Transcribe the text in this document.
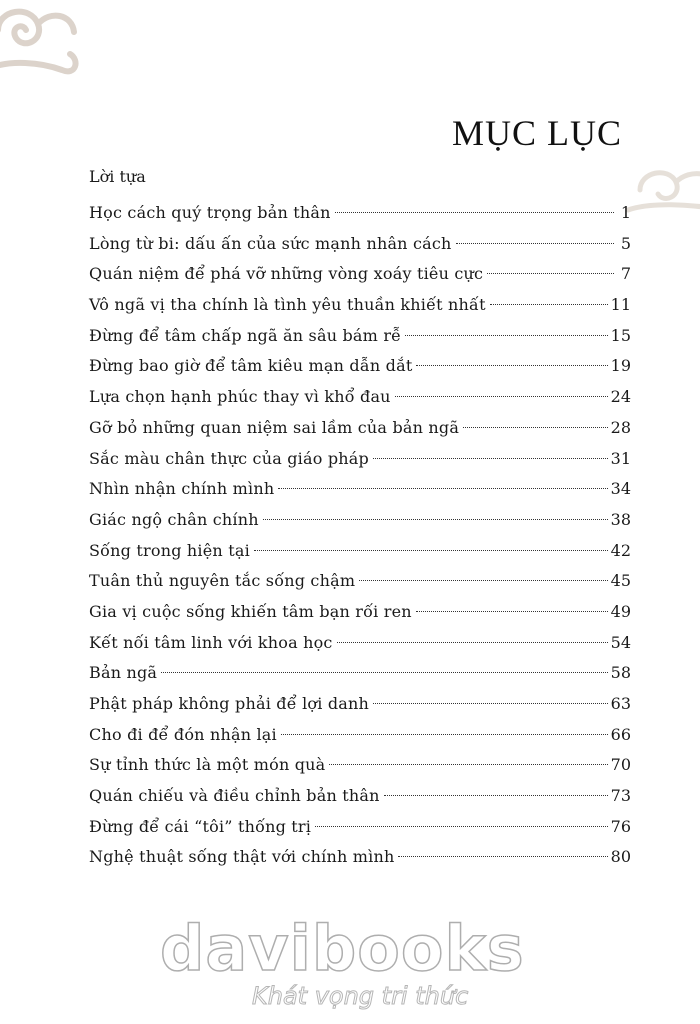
MỤC LỤC
Lời tựa
Học cách quý trọng bản thân	1
Lòng từ bi: dấu ấn của sức mạnh nhân cách	5
Quán niệm để phá vỡ những vòng xoáy tiêu cực	7
Vô ngã vị tha chính là tình yêu thuần khiết nhất	11
Đừng để tâm chấp ngã ăn sâu bám rễ	15
Đừng bao giờ để tâm kiêu mạn dẫn dắt	19
Lựa chọn hạnh phúc thay vì khổ đau	24
Gỡ bỏ những quan niệm sai lầm của bản ngã	28
Sắc màu chân thực của giáo pháp	31
Nhìn nhận chính mình	34
Giác ngộ chân chính	38
Sống trong hiện tại	42
Tuân thủ nguyên tắc sống chậm	45
Gia vị cuộc sống khiến tâm bạn rối ren	49
Kết nối tâm linh với khoa học	54
Bản ngã	58
Phật pháp không phải để lợi danh	63
Cho đi để đón nhận lại	66
Sự tỉnh thức là một món quà	70
Quán chiếu và điều chỉnh bản thân	73
Đừng để cái “tôi” thống trị	76
Nghệ thuật sống thật với chính mình	80
davibooks
Khát vọng tri thức
